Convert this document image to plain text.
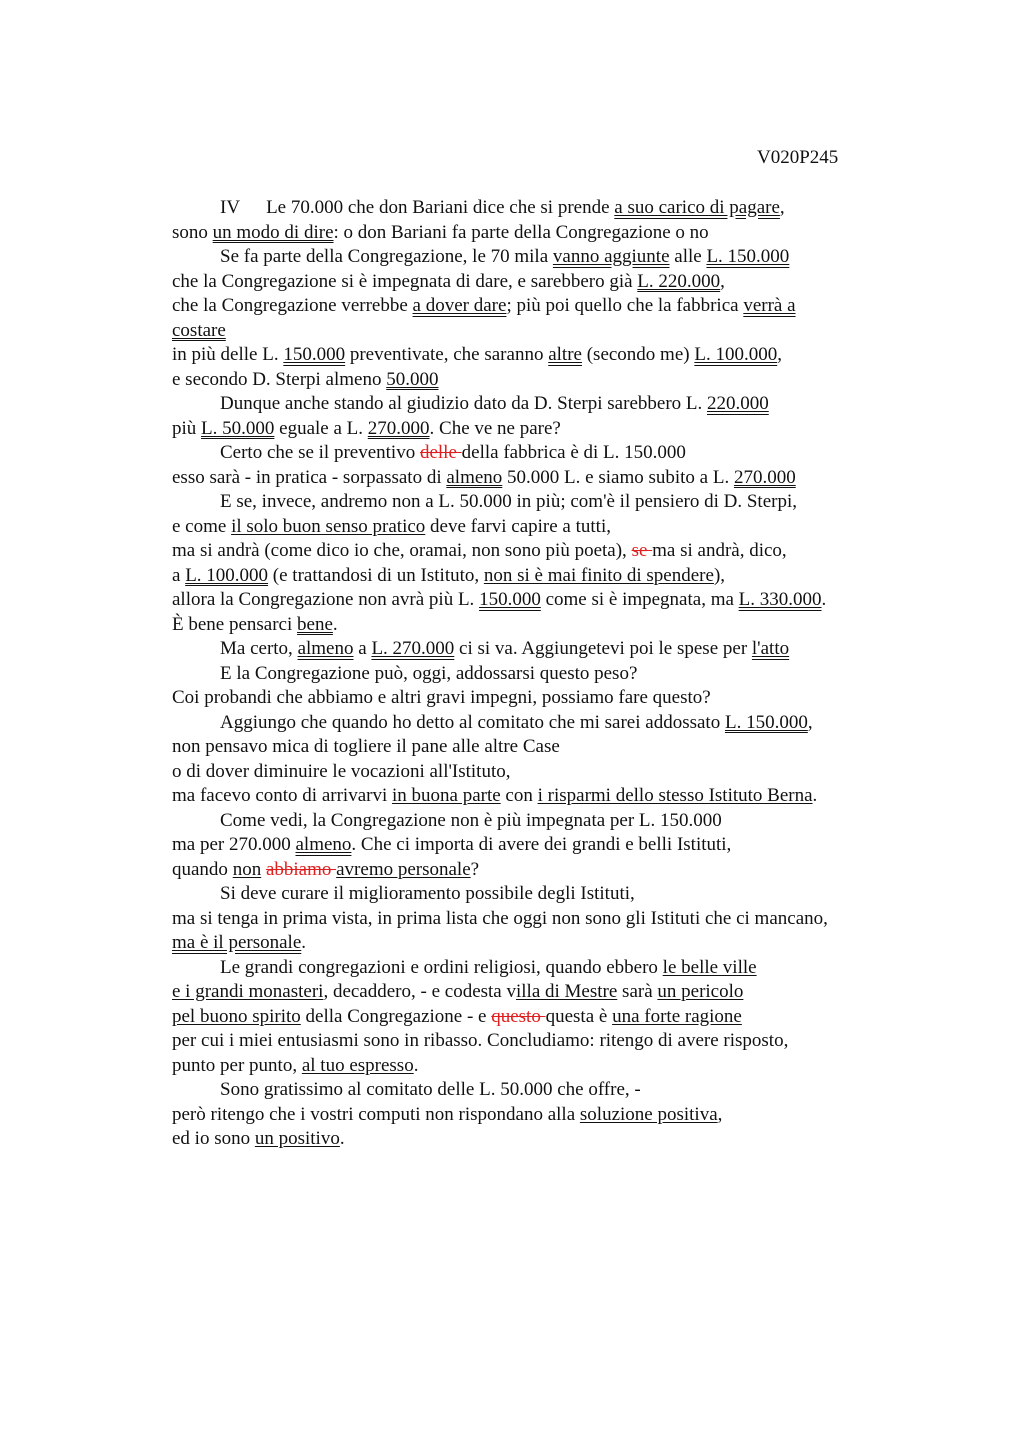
V020P245
IV Le 70.000 che don Bariani dice che si prende a suo carico di pagare,
sono un modo di dire: o don Bariani fa parte della Congregazione o no
Se fa parte della Congregazione, le 70 mila vanno aggiunte alle L. 150.000
che la Congregazione si è impegnata di dare, e sarebbero già L. 220.000,
che la Congregazione verrebbe a dover dare; più poi quello che la fabbrica verrà a
costare
in più delle L. 150.000 preventivate, che saranno altre (secondo me) L. 100.000,
e secondo D. Sterpi almeno 50.000
Dunque anche stando al giudizio dato da D. Sterpi sarebbero L. 220.000
più L. 50.000 eguale a L. 270.000. Che ve ne pare?
Certo che se il preventivo delle della fabbrica è di L. 150.000
esso sarà - in pratica - sorpassato di almeno 50.000 L. e siamo subito a L. 270.000
E se, invece, andremo non a L. 50.000 in più; com'è il pensiero di D. Sterpi,
e come il solo buon senso pratico deve farvi capire a tutti,
ma si andrà (come dico io che, oramai, non sono più poeta), se ma si andrà, dico,
a L. 100.000 (e trattandosi di un Istituto, non si è mai finito di spendere),
allora la Congregazione non avrà più L. 150.000 come si è impegnata, ma L. 330.000.
È bene pensarci bene.
Ma certo, almeno a L. 270.000 ci si va. Aggiungetevi poi le spese per l'atto
E la Congregazione può, oggi, addossarsi questo peso?
Coi probandi che abbiamo e altri gravi impegni, possiamo fare questo?
Aggiungo che quando ho detto al comitato che mi sarei addossato L. 150.000,
non pensavo mica di togliere il pane alle altre Case
o di dover diminuire le vocazioni all'Istituto,
ma facevo conto di arrivarvi in buona parte con i risparmi dello stesso Istituto Berna.
Come vedi, la Congregazione non è più impegnata per L. 150.000
ma per 270.000 almeno. Che ci importa di avere dei grandi e belli Istituti,
quando non abbiamo avremo personale?
Si deve curare il miglioramento possibile degli Istituti,
ma si tenga in prima vista, in prima lista che oggi non sono gli Istituti che ci mancano,
ma è il personale.
Le grandi congregazioni e ordini religiosi, quando ebbero le belle ville
e i grandi monasteri, decaddero, - e codesta villa di Mestre sarà un pericolo
pel buono spirito della Congregazione - e questo questa è una forte ragione
per cui i miei entusiasmi sono in ribasso. Concludiamo: ritengo di avere risposto,
punto per punto, al tuo espresso.
Sono gratissimo al comitato delle L. 50.000 che offre, -
però ritengo che i vostri computi non rispondano alla soluzione positiva,
ed io sono un positivo.
